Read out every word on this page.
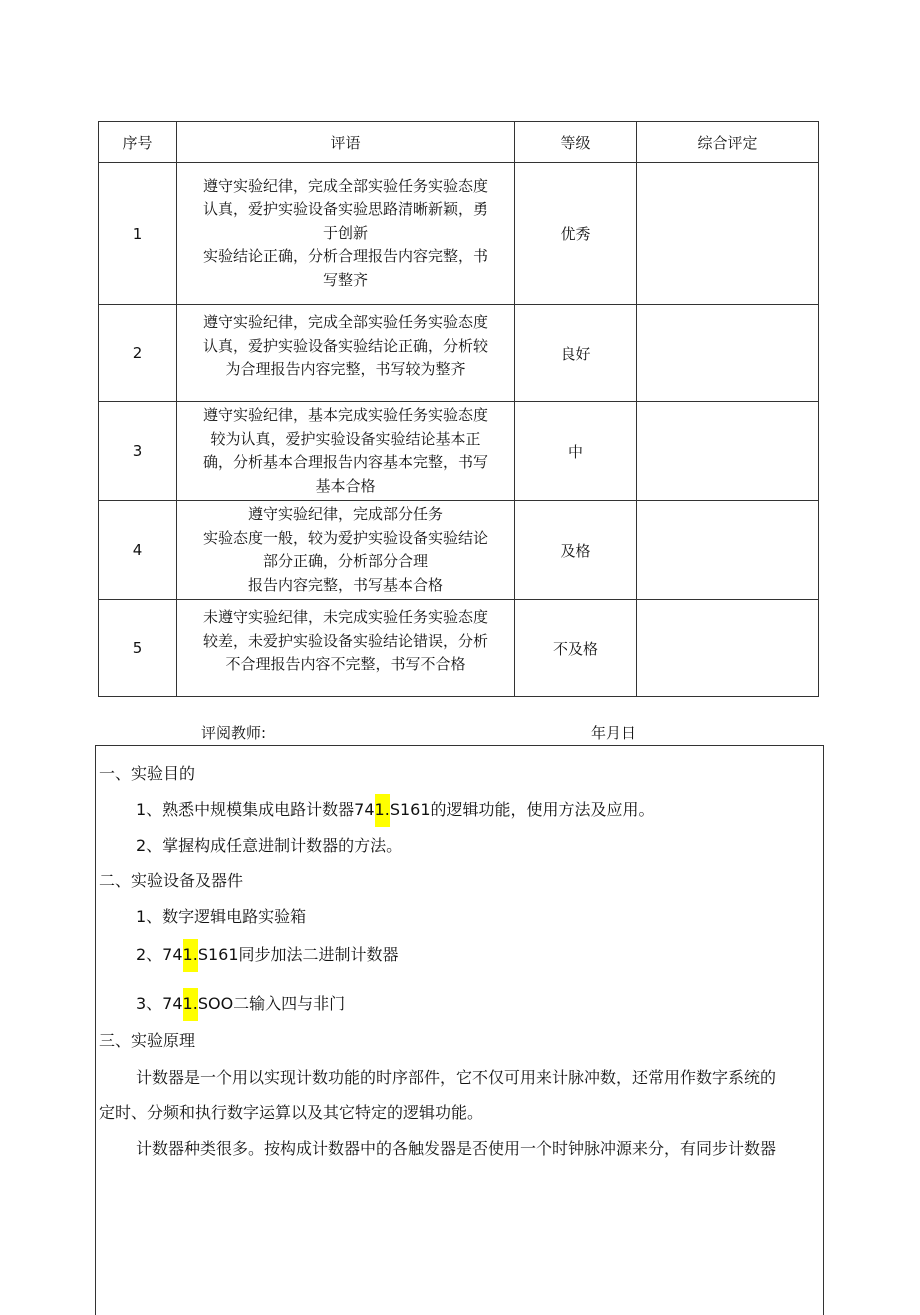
序号	评语	等级	综合评定
1	遵守实验纪律，完成全部实验任务实验态度
认真，爱护实验设备实验思路清晰新颖，勇
于创新
实验结论正确，分析合理报告内容完整，书
写整齐	优秀	
2	遵守实验纪律，完成全部实验任务实验态度
认真，爱护实验设备实验结论正确，分析较
为合理报告内容完整，书写较为整齐	良好	
3	遵守实验纪律，基本完成实验任务实验态度
较为认真，爱护实验设备实验结论基本正
确，分析基本合理报告内容基本完整，书写
基本合格	中	
4	遵守实验纪律，完成部分任务
实验态度一般，较为爱护实验设备实验结论
部分正确，分析部分合理
报告内容完整，书写基本合格	及格	
5	未遵守实验纪律，未完成实验任务实验态度
较差，未爱护实验设备实验结论错误，分析
不合理报告内容不完整，书写不合格	不及格	
评阅教师:	年月日
一、实验目的
1、熟悉中规模集成电路计数器741.S161的逻辑功能，使用方法及应用。
2、掌握构成任意进制计数器的方法。
二、实验设备及器件
1、数字逻辑电路实验箱
2、741.S161同步加法二进制计数器
3、741.SOO二输入四与非门
三、实验原理
计数器是一个用以实现计数功能的时序部件，它不仅可用来计脉冲数，还常用作数字系统的
定时、分频和执行数字运算以及其它特定的逻辑功能。
计数器种类很多。按构成计数器中的各触发器是否使用一个时钟脉冲源来分，有同步计数器
